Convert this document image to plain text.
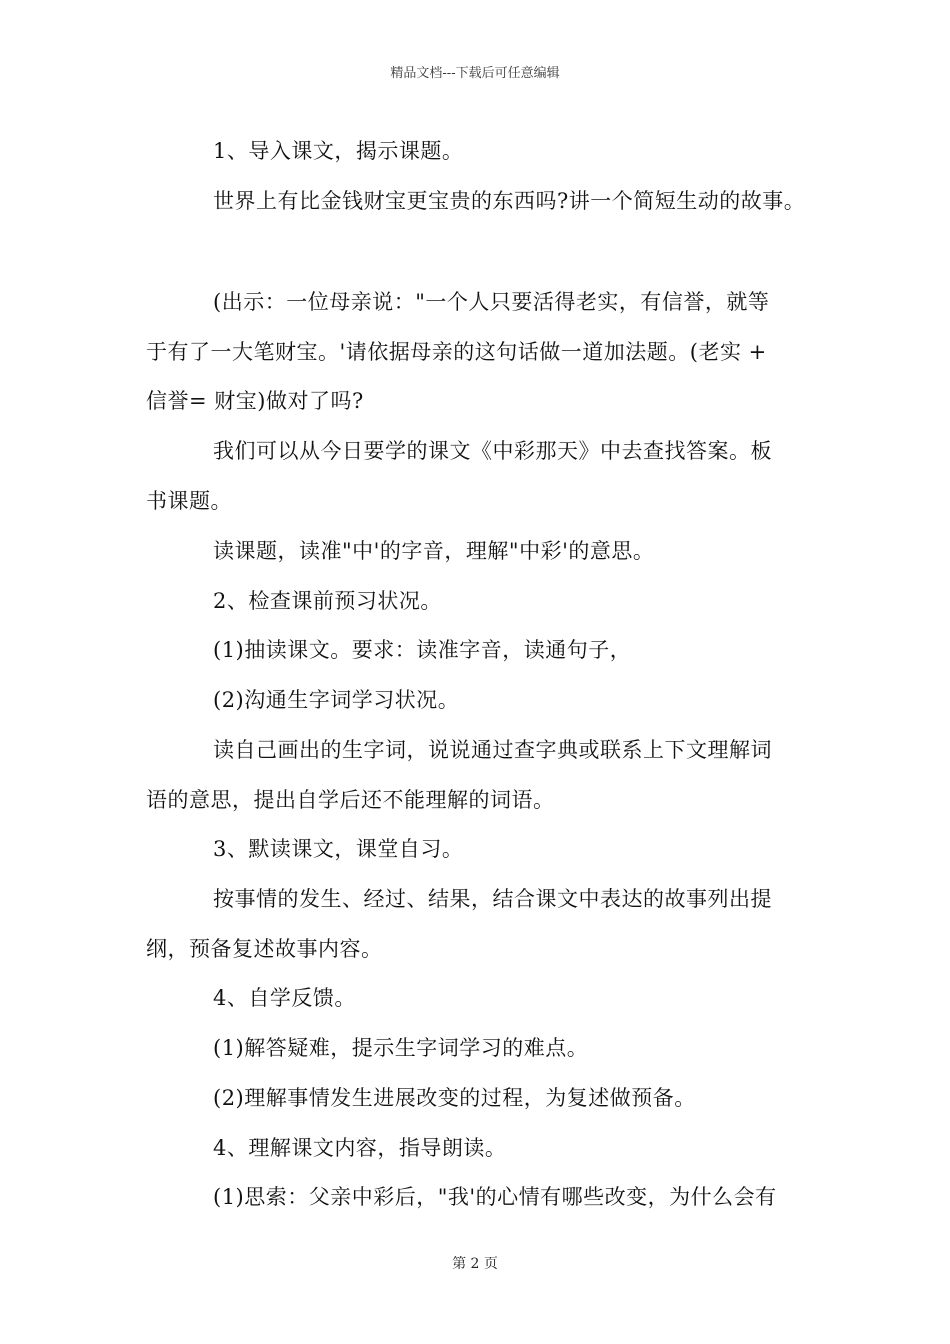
精品文档---下载后可任意编辑
1、导入课文，揭示课题。
世界上有比金钱财宝更宝贵的东西吗?讲一个简短生动的故事。
(出示：一位母亲说："一个人只要活得老实，有信誉，就等
于有了一大笔财宝。'请依据母亲的这句话做一道加法题。(老实 +
信誉= 财宝)做对了吗?
我们可以从今日要学的课文《中彩那天》中去查找答案。板
书课题。
读课题，读准"中'的字音，理解"中彩'的意思。
2、检查课前预习状况。
(1)抽读课文。要求：读准字音，读通句子，
(2)沟通生字词学习状况。
读自己画出的生字词，说说通过查字典或联系上下文理解词
语的意思，提出自学后还不能理解的词语。
3、默读课文，课堂自习。
按事情的发生、经过、结果，结合课文中表达的故事列出提
纲，预备复述故事内容。
4、自学反馈。
(1)解答疑难，提示生字词学习的难点。
(2)理解事情发生进展改变的过程，为复述做预备。
4、理解课文内容，指导朗读。
(1)思索：父亲中彩后，"我'的心情有哪些改变，为什么会有
第 2 页
